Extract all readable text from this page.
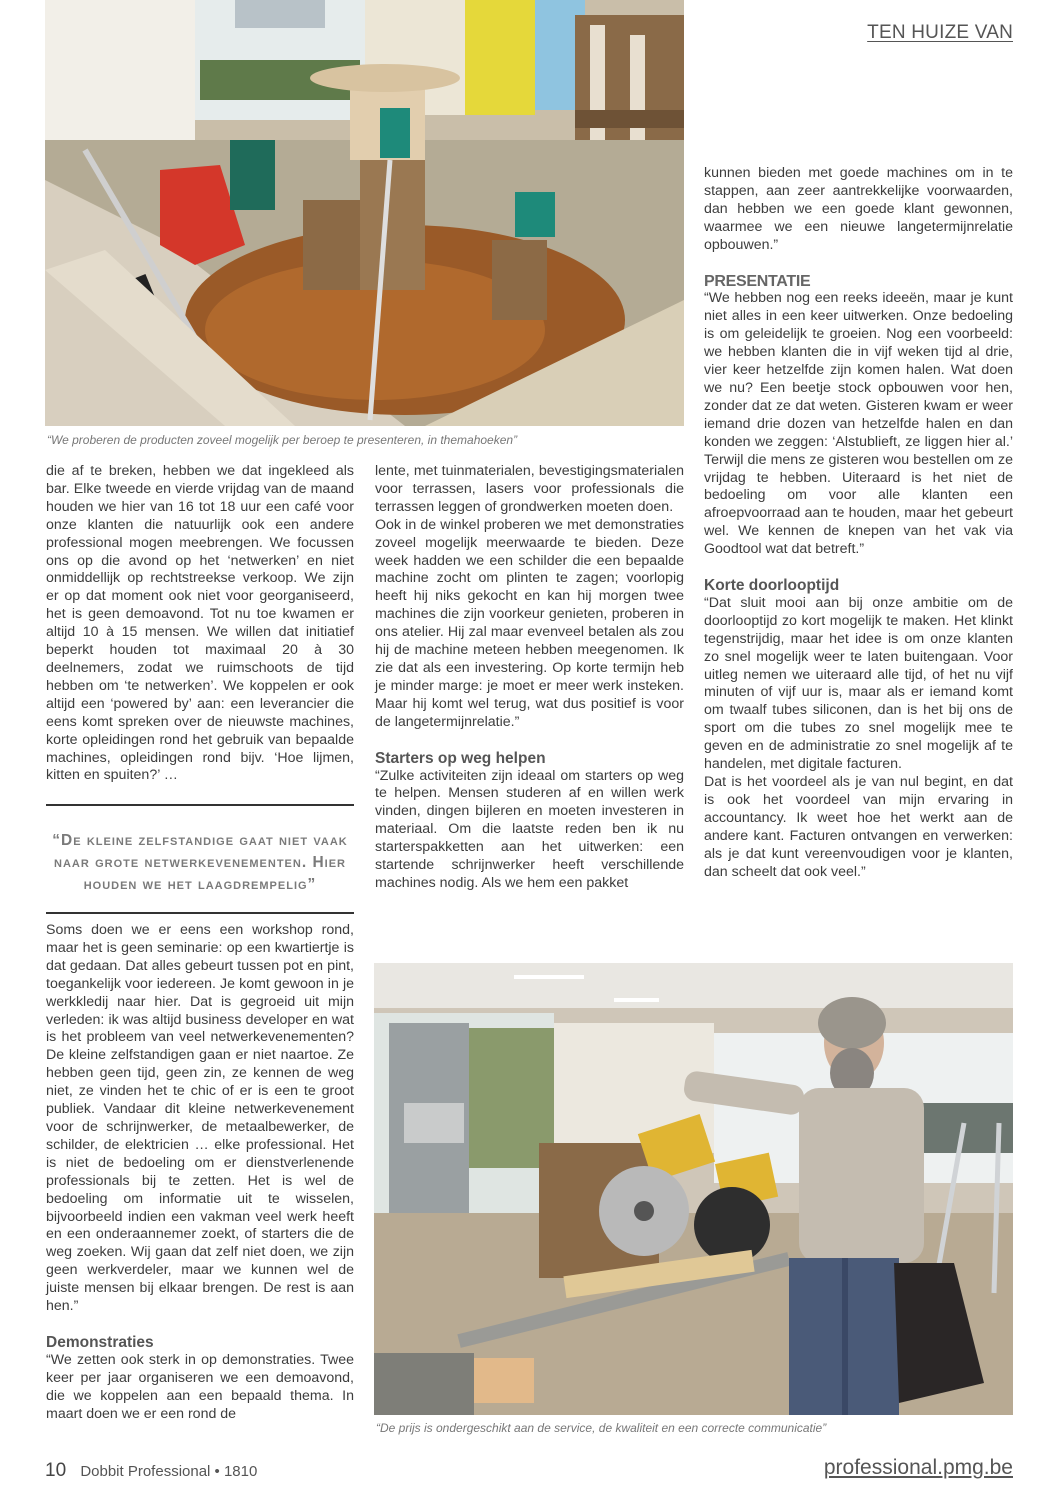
TEN HUIZE VAN
“We proberen de producten zoveel mogelijk per beroep te presenteren, in themahoeken”

die af te breken, hebben we dat ingekleed als bar. Elke tweede en vierde vrijdag van de maand houden we hier van 16 tot 18 uur een café voor onze klanten die natuurlijk ook een andere professional mogen meebrengen. We focussen ons op die avond op het ‘netwerken’ en niet onmiddellijk op rechtstreekse verkoop. We zijn er op dat moment ook niet voor georganiseerd, het is geen demoavond. Tot nu toe kwamen er altijd 10 à 15 mensen. We willen dat initiatief beperkt houden tot maximaal 20 à 30 deelnemers, zodat we ruimschoots de tijd hebben om ‘te netwerken’. We koppelen er ook altijd een ‘powered by’ aan: een leverancier die eens komt spreken over de nieuwste machines, korte opleidingen rond het gebruik van bepaalde machines, opleidingen rond bijv. ‘Hoe lijmen, kitten en spuiten?’ …

“De kleine zelfstandige gaat niet vaak naar grote netwerkevenementen. Hier houden we het laagdrempelig”

Soms doen we er eens een workshop rond, maar het is geen seminarie: op een kwartiertje is dat gedaan. Dat alles gebeurt tussen pot en pint, toegankelijk voor iedereen. Je komt gewoon in je werkkledij naar hier. Dat is gegroeid uit mijn verleden: ik was altijd business developer en wat is het probleem van veel netwerkevenementen? De kleine zelfstandigen gaan er niet naartoe. Ze hebben geen tijd, geen zin, ze kennen de weg niet, ze vinden het te chic of er is een te groot publiek. Vandaar dit kleine netwerkevenement voor de schrijnwerker, de metaalbewerker, de schilder, de elektricien … elke professional. Het is niet de bedoeling om er dienstverlenende professionals bij te zetten. Het is wel de bedoeling om informatie uit te wisselen, bijvoorbeeld indien een vakman veel werk heeft en een onderaannemer zoekt, of starters die de weg zoeken. Wij gaan dat zelf niet doen, we zijn geen werkverdeler, maar we kunnen wel de juiste mensen bij elkaar brengen. De rest is aan hen.”

Demonstraties

“We zetten ook sterk in op demonstraties. Twee keer per jaar organiseren we een demoavond, die we koppelen aan een bepaald thema. In maart doen we er een rond de

lente, met tuinmaterialen, bevestigingsmaterialen voor terrassen, lasers voor professionals die terrassen leggen of grondwerken moeten doen.

Ook in de winkel proberen we met demonstraties zoveel mogelijk meerwaarde te bieden. Deze week hadden we een schilder die een bepaalde machine zocht om plinten te zagen; voorlopig heeft hij niks gekocht en kan hij morgen twee machines die zijn voorkeur genieten, proberen in ons atelier. Hij zal maar evenveel betalen als zou hij de machine meteen hebben meegenomen. Ik zie dat als een investering. Op korte termijn heb je minder marge: je moet er meer werk insteken. Maar hij komt wel terug, wat dus positief is voor de langetermijnrelatie.”

Starters op weg helpen

“Zulke activiteiten zijn ideaal om starters op weg te helpen. Mensen studeren af en willen werk vinden, dingen bijleren en moeten investeren in materiaal. Om die laatste reden ben ik nu starterspakketten aan het uitwerken: een startende schrijnwerker heeft verschillende machines nodig. Als we hem een pakket

kunnen bieden met goede machines om in te stappen, aan zeer aantrekkelijke voorwaarden, dan hebben we een goede klant gewonnen, waarmee we een nieuwe langetermijnrelatie opbouwen.”

PRESENTATIE

“We hebben nog een reeks ideeën, maar je kunt niet alles in een keer uitwerken. Onze bedoeling is om geleidelijk te groeien. Nog een voorbeeld: we hebben klanten die in vijf weken tijd al drie, vier keer hetzelfde zijn komen halen. Wat doen we nu? Een beetje stock opbouwen voor hen, zonder dat ze dat weten. Gisteren kwam er weer iemand drie dozen van hetzelfde halen en dan konden we zeggen: ‘Alstublieft, ze liggen hier al.’ Terwijl die mens ze gisteren wou bestellen om ze vrijdag te hebben. Uiteraard is het niet de bedoeling om voor alle klanten een afroepvoorraad aan te houden, maar het gebeurt wel. We kennen de knepen van het vak via Goodtool wat dat betreft.”

Korte doorlooptijd

“Dat sluit mooi aan bij onze ambitie om de doorlooptijd zo kort mogelijk te maken. Het klinkt tegenstrijdig, maar het idee is om onze klanten zo snel mogelijk weer te laten buitengaan. Voor uitleg nemen we uiteraard alle tijd, of het nu vijf minuten of vijf uur is, maar als er iemand komt om twaalf tubes siliconen, dan is het bij ons de sport om die tubes zo snel mogelijk mee te geven en de administratie zo snel mogelijk af te handelen, met digitale facturen.

Dat is het voordeel als je van nul begint, en dat is ook het voordeel van mijn ervaring in accountancy. Ik weet hoe het werkt aan de andere kant. Facturen ontvangen en verwerken: als je dat kunt vereenvoudigen voor je klanten, dan scheelt dat ook veel.”

“De prijs is ondergeschikt aan de service, de kwaliteit en een correcte communicatie”
10 Dobbit Professional • 1810	professional.pmg.be
